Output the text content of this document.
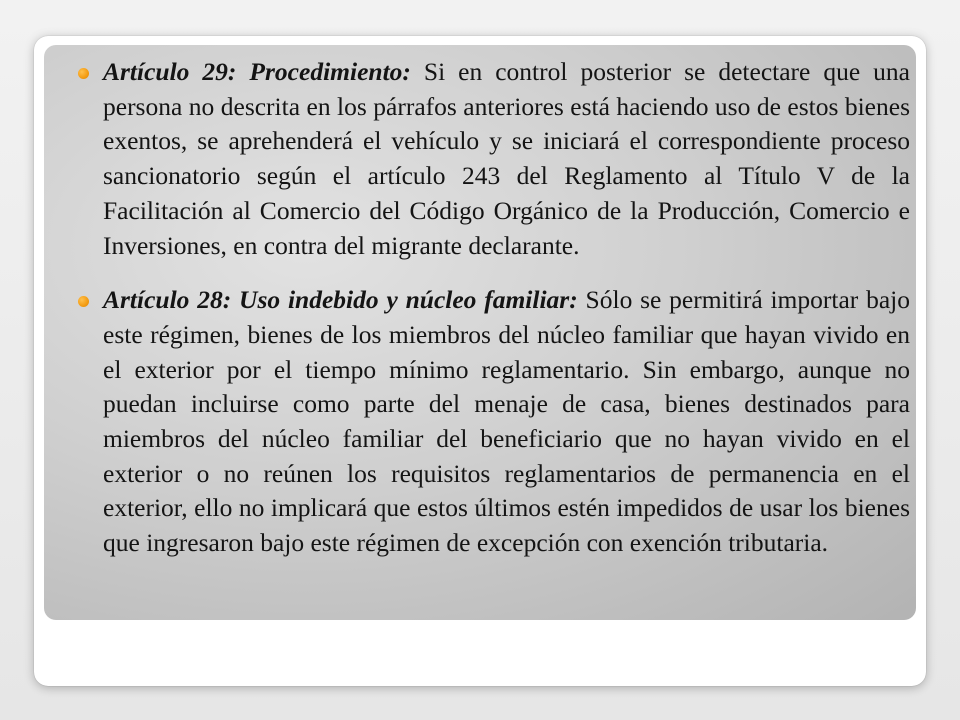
Artículo 29: Procedimiento: Si en control posterior se detectare que una persona no descrita en los párrafos anteriores está haciendo uso de estos bienes exentos, se aprehenderá el vehículo y se iniciará el correspondiente proceso sancionatorio según el artículo 243 del Reglamento al Título V de la Facilitación al Comercio del Código Orgánico de la Producción, Comercio e Inversiones, en contra del migrante declarante.
Artículo 28: Uso indebido y núcleo familiar: Sólo se permitirá importar bajo este régimen, bienes de los miembros del núcleo familiar que hayan vivido en el exterior por el tiempo mínimo reglamentario. Sin embargo, aunque no puedan incluirse como parte del menaje de casa, bienes destinados para miembros del núcleo familiar del beneficiario que no hayan vivido en el exterior o no reúnen los requisitos reglamentarios de permanencia en el exterior, ello no implicará que estos últimos estén impedidos de usar los bienes que ingresaron bajo este régimen de excepción con exención tributaria.
